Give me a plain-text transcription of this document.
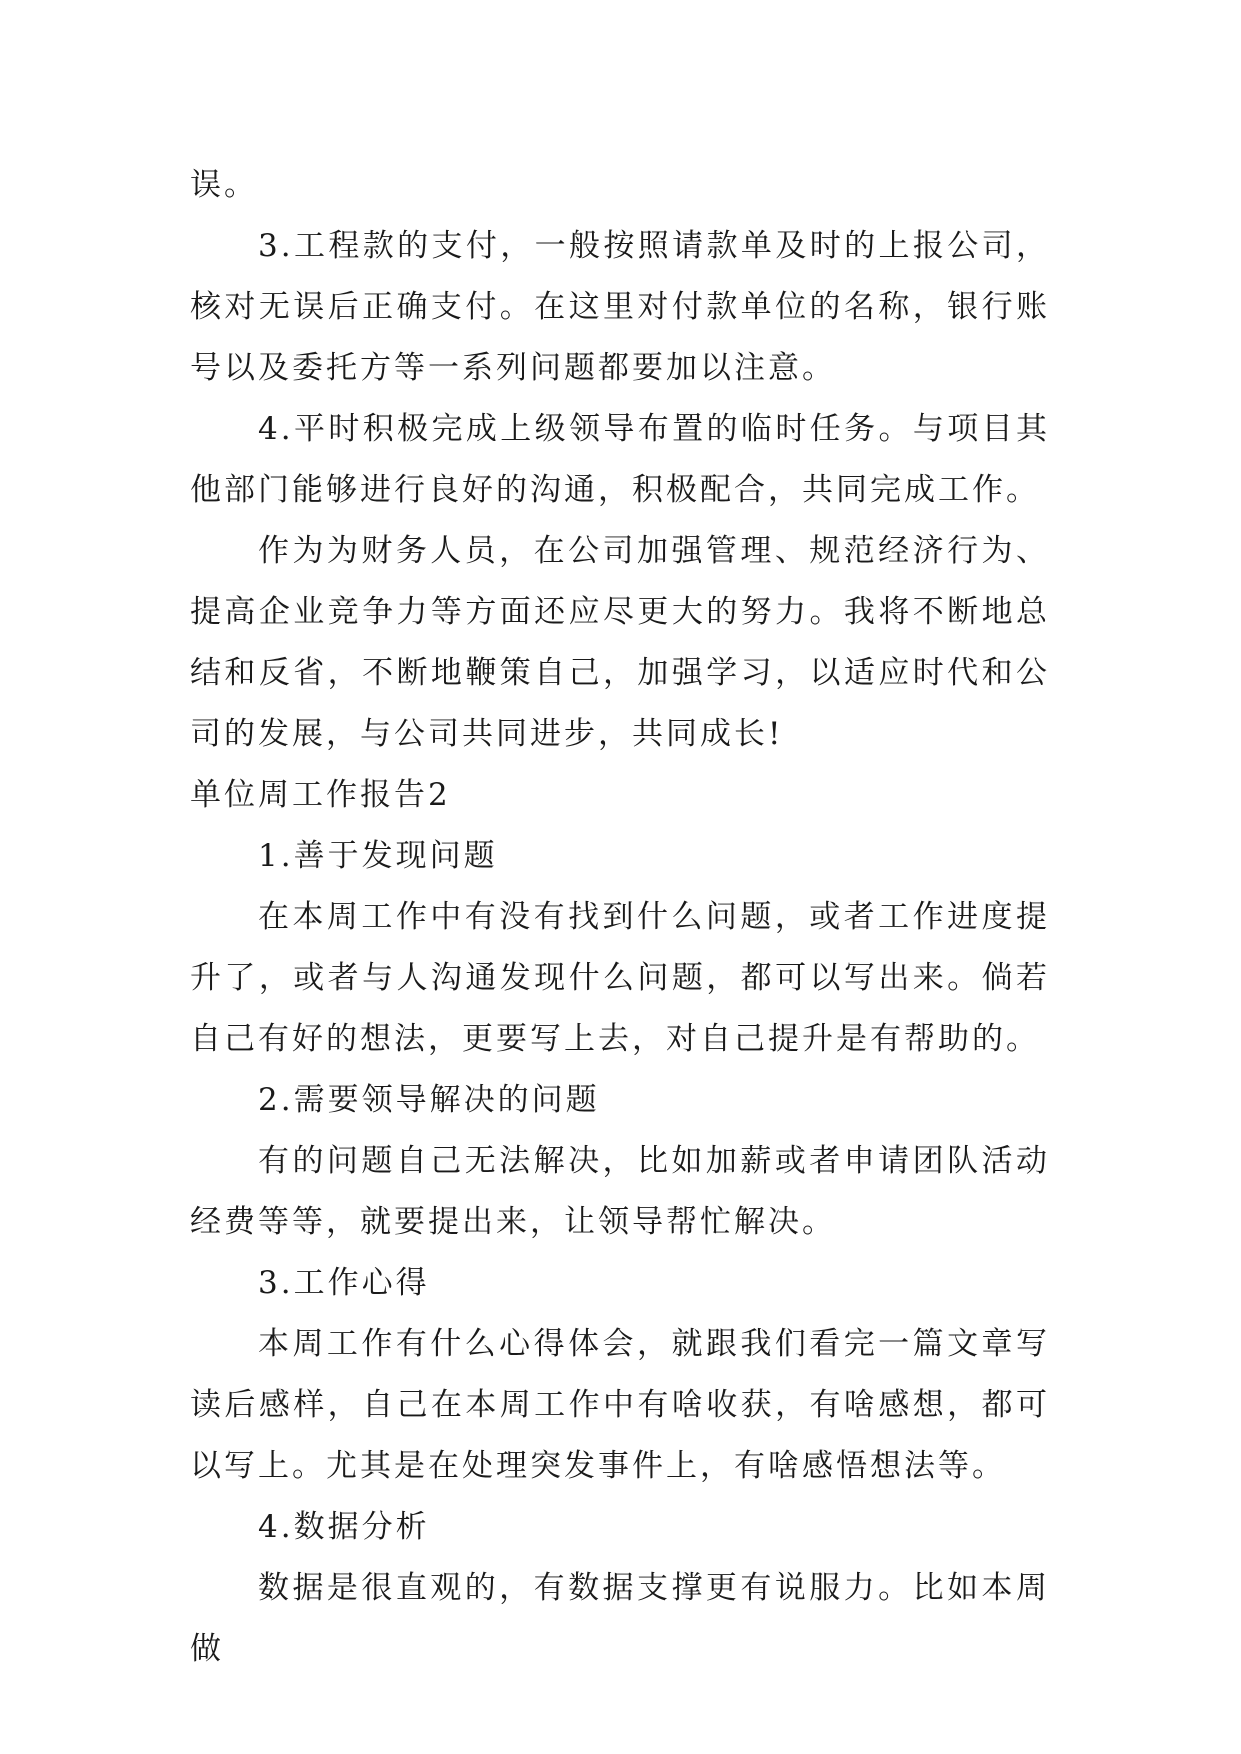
误。

3.工程款的支付，一般按照请款单及时的上报公司，核对无误后正确支付。在这里对付款单位的名称，银行账号以及委托方等一系列问题都要加以注意。

4.平时积极完成上级领导布置的临时任务。与项目其他部门能够进行良好的沟通，积极配合，共同完成工作。

作为为财务人员，在公司加强管理、规范经济行为、提高企业竞争力等方面还应尽更大的努力。我将不断地总结和反省，不断地鞭策自己，加强学习，以适应时代和公司的发展，与公司共同进步，共同成长!

单位周工作报告2

1.善于发现问题

在本周工作中有没有找到什么问题，或者工作进度提升了，或者与人沟通发现什么问题，都可以写出来。倘若自己有好的想法，更要写上去，对自己提升是有帮助的。

2.需要领导解决的问题

有的问题自己无法解决，比如加薪或者申请团队活动经费等等，就要提出来，让领导帮忙解决。

3.工作心得

本周工作有什么心得体会，就跟我们看完一篇文章写读后感样，自己在本周工作中有啥收获，有啥感想，都可以写上。尤其是在处理突发事件上，有啥感悟想法等。

4.数据分析

数据是很直观的，有数据支撑更有说服力。比如本周做
